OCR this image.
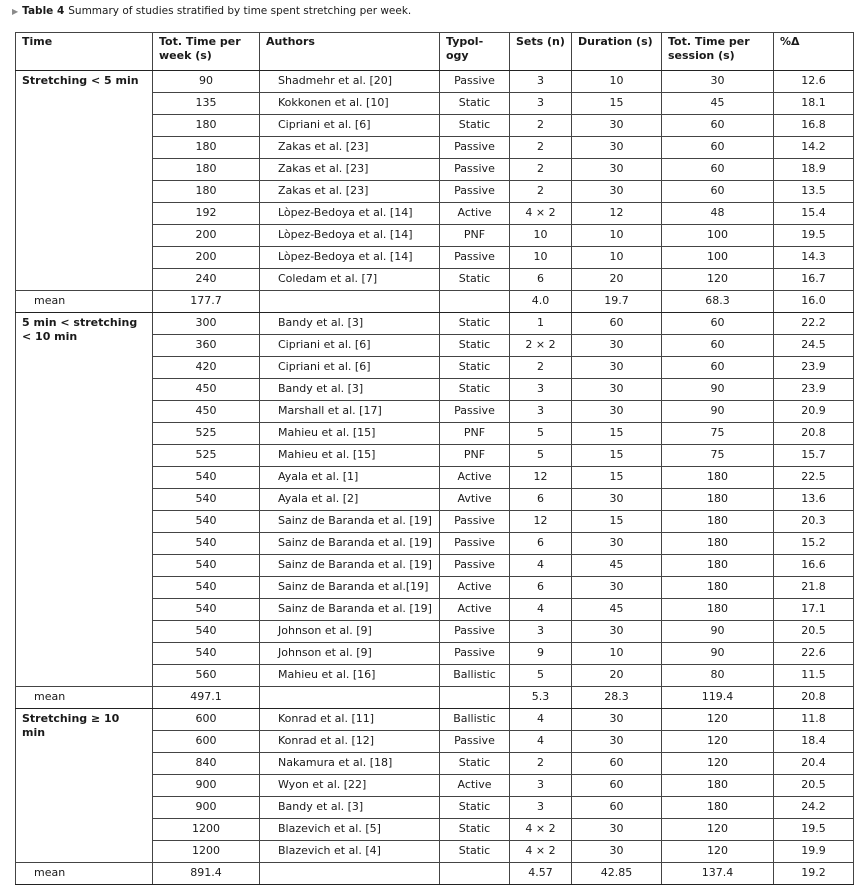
▶ Table 4 Summary of studies stratified by time spent stretching per week.
Time	Tot. Time per week (s)	Authors	Typol-ogy	Sets (n)	Duration (s)	Tot. Time per session (s)	%Δ
Stretching < 5 min	90	Shadmehr et al. [20]	Passive	3	10	30	12.6
	135	Kokkonen et al. [10]	Static	3	15	45	18.1
	180	Cipriani et al. [6]	Static	2	30	60	16.8
	180	Zakas et al. [23]	Passive	2	30	60	14.2
	180	Zakas et al. [23]	Passive	2	30	60	18.9
	180	Zakas et al. [23]	Passive	2	30	60	13.5
	192	Lòpez-Bedoya et al. [14]	Active	4 × 2	12	48	15.4
	200	Lòpez-Bedoya et al. [14]	PNF	10	10	100	19.5
	200	Lòpez-Bedoya et al. [14]	Passive	10	10	100	14.3
	240	Coledam et al. [7]	Static	6	20	120	16.7
mean	177.7			4.0	19.7	68.3	16.0
5 min < stretching < 10 min	300	Bandy et al. [3]	Static	1	60	60	22.2
	360	Cipriani et al. [6]	Static	2 × 2	30	60	24.5
	420	Cipriani et al. [6]	Static	2	30	60	23.9
	450	Bandy et al. [3]	Static	3	30	90	23.9
	450	Marshall et al. [17]	Passive	3	30	90	20.9
	525	Mahieu et al. [15]	PNF	5	15	75	20.8
	525	Mahieu et al. [15]	PNF	5	15	75	15.7
	540	Ayala et al. [1]	Active	12	15	180	22.5
	540	Ayala et al. [2]	Avtive	6	30	180	13.6
	540	Sainz de Baranda et al. [19]	Passive	12	15	180	20.3
	540	Sainz de Baranda et al. [19]	Passive	6	30	180	15.2
	540	Sainz de Baranda et al. [19]	Passive	4	45	180	16.6
	540	Sainz de Baranda et al.[19]	Active	6	30	180	21.8
	540	Sainz de Baranda et al. [19]	Active	4	45	180	17.1
	540	Johnson et al. [9]	Passive	3	30	90	20.5
	540	Johnson et al. [9]	Passive	9	10	90	22.6
	560	Mahieu et al. [16]	Ballistic	5	20	80	11.5
mean	497.1			5.3	28.3	119.4	20.8
Stretching ≥ 10 min	600	Konrad et al. [11]	Ballistic	4	30	120	11.8
	600	Konrad et al. [12]	Passive	4	30	120	18.4
	840	Nakamura et al. [18]	Static	2	60	120	20.4
	900	Wyon et al. [22]	Active	3	60	180	20.5
	900	Bandy et al. [3]	Static	3	60	180	24.2
	1200	Blazevich et al. [5]	Static	4 × 2	30	120	19.5
	1200	Blazevich et al. [4]	Static	4 × 2	30	120	19.9
mean	891.4			4.57	42.85	137.4	19.2
